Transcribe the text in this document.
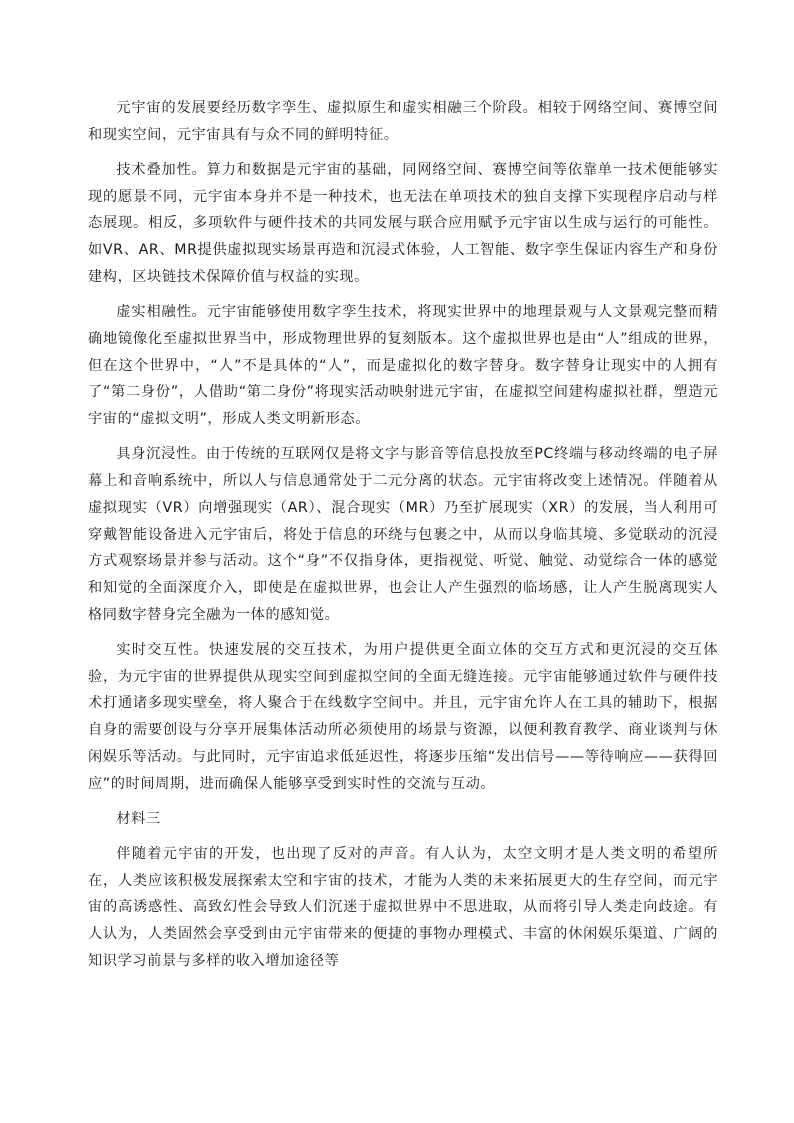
元宇宙的发展要经历数字孪生、虚拟原生和虚实相融三个阶段。相较于网络空间、赛博空间和现实空间，元宇宙具有与众不同的鲜明特征。

技术叠加性。算力和数据是元宇宙的基础，同网络空间、赛博空间等依靠单一技术便能够实现的愿景不同，元宇宙本身并不是一种技术，也无法在单项技术的独自支撑下实现程序启动与样态展现。相反，多项软件与硬件技术的共同发展与联合应用赋予元宇宙以生成与运行的可能性。如VR、AR、MR提供虚拟现实场景再造和沉浸式体验，人工智能、数字孪生保证内容生产和身份建构，区块链技术保障价值与权益的实现。

虚实相融性。元宇宙能够使用数字孪生技术，将现实世界中的地理景观与人文景观完整而精确地镜像化至虚拟世界当中，形成物理世界的复刻版本。这个虚拟世界也是由“人”组成的世界，但在这个世界中，“人”不是具体的“人”，而是虚拟化的数字替身。数字替身让现实中的人拥有了“第二身份”，人借助“第二身份”将现实活动映射进元宇宙，在虚拟空间建构虚拟社群，塑造元宇宙的“虚拟文明”，形成人类文明新形态。

具身沉浸性。由于传统的互联网仅是将文字与影音等信息投放至PC终端与移动终端的电子屏幕上和音响系统中，所以人与信息通常处于二元分离的状态。元宇宙将改变上述情况。伴随着从虚拟现实（VR）向增强现实（AR）、混合现实（MR）乃至扩展现实（XR）的发展，当人利用可穿戴智能设备进入元宇宙后，将处于信息的环绕与包裹之中，从而以身临其境、多觉联动的沉浸方式观察场景并参与活动。这个“身”不仅指身体，更指视觉、听觉、触觉、动觉综合一体的感觉和知觉的全面深度介入，即使是在虚拟世界，也会让人产生强烈的临场感，让人产生脱离现实人格同数字替身完全融为一体的感知觉。

实时交互性。快速发展的交互技术，为用户提供更全面立体的交互方式和更沉浸的交互体验，为元宇宙的世界提供从现实空间到虚拟空间的全面无缝连接。元宇宙能够通过软件与硬件技术打通诸多现实壁垒，将人聚合于在线数字空间中。并且，元宇宙允许人在工具的辅助下，根据自身的需要创设与分享开展集体活动所必须使用的场景与资源，以便利教育教学、商业谈判与休闲娱乐等活动。与此同时，元宇宙追求低延迟性，将逐步压缩“发出信号——等待响应——获得回应”的时间周期，进而确保人能够享受到实时性的交流与互动。

材料三

伴随着元宇宙的开发，也出现了反对的声音。有人认为，太空文明才是人类文明的希望所在，人类应该积极发展探索太空和宇宙的技术，才能为人类的未来拓展更大的生存空间，而元宇宙的高诱惑性、高致幻性会导致人们沉迷于虚拟世界中不思进取，从而将引导人类走向歧途。有人认为，人类固然会享受到由元宇宙带来的便捷的事物办理模式、丰富的休闲娱乐渠道、广阔的知识学习前景与多样的收入增加途径等
